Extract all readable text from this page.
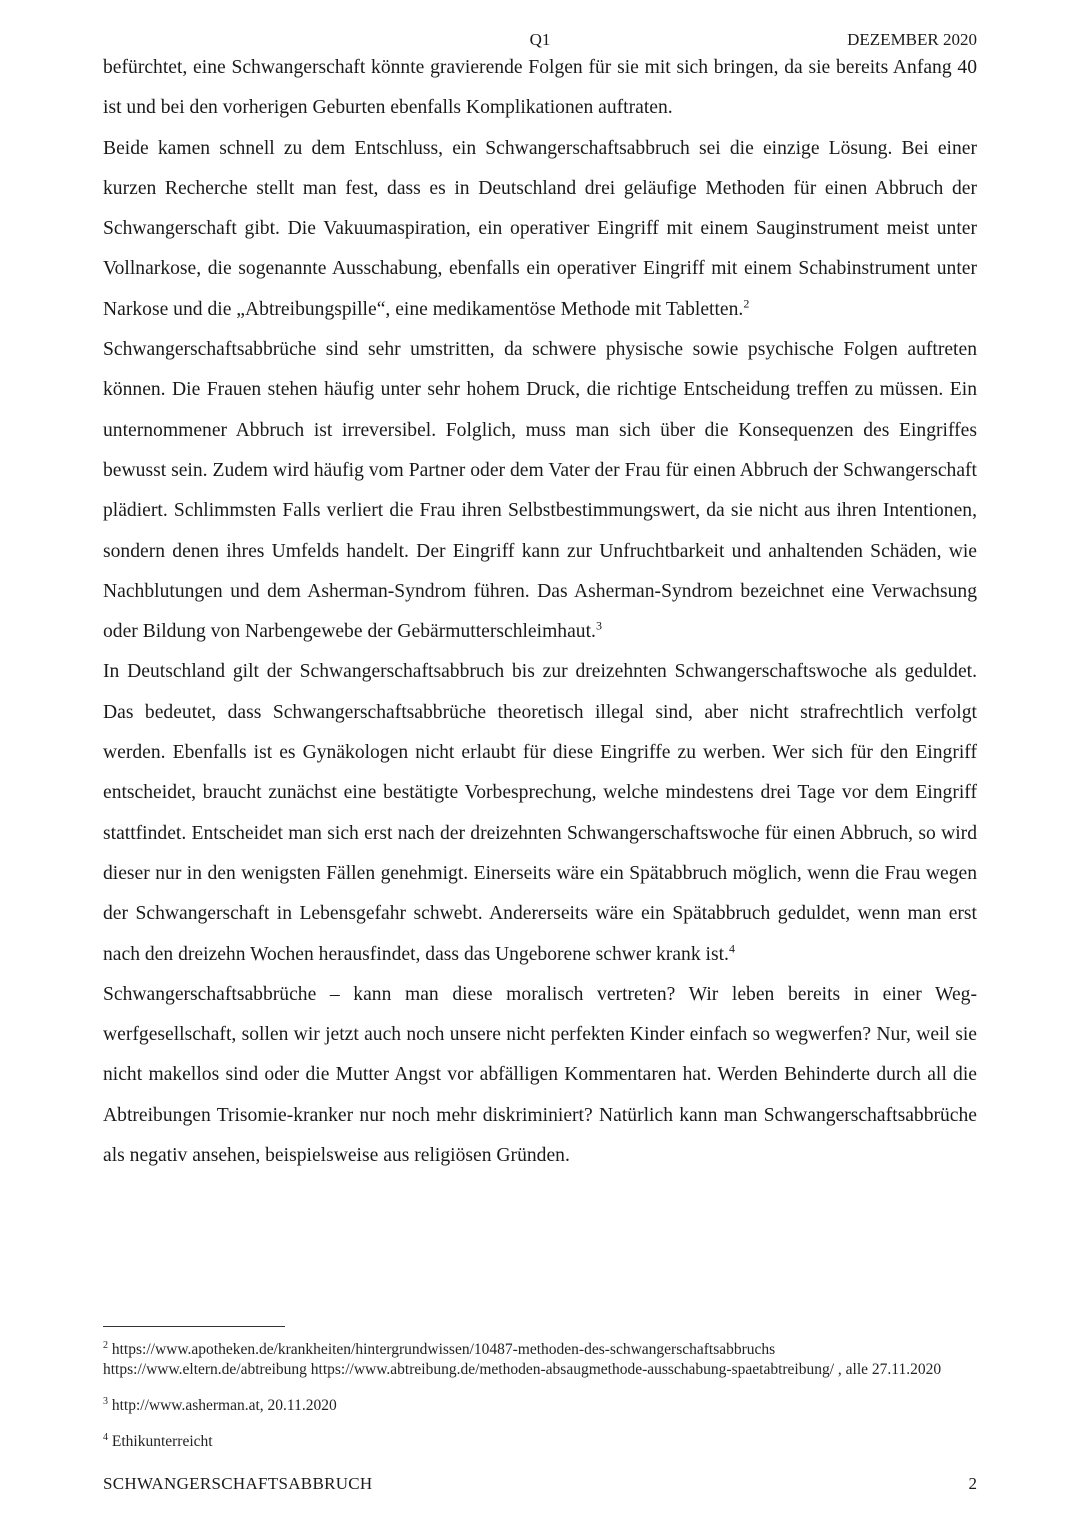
Q1	DEZEMBER 2020

befürchtet, eine Schwangerschaft könnte gravierende Folgen für sie mit sich bringen, da sie bereits Anfang 40 ist und bei den vorherigen Geburten ebenfalls Komplikationen auftraten.

Beide kamen schnell zu dem Entschluss, ein Schwangerschaftsabbruch sei die einzige Lösung. Bei einer kurzen Recherche stellt man fest, dass es in Deutschland drei geläufige Methoden für einen Abbruch der Schwangerschaft gibt. Die Vakuumaspiration, ein operativer Eingriff mit einem Sauginstrument meist unter Vollnarkose, die sogenannte Ausschabung, ebenfalls ein operativer Eingriff mit einem Schabinstrument unter Narkose und die „Abtreibungspille“, eine medikamentöse Methode mit Tabletten.$^2$

Schwangerschaftsabbrüche sind sehr umstritten, da schwere physische sowie psychische Folgen auftreten können. Die Frauen stehen häufig unter sehr hohem Druck, die richtige Entscheidung treffen zu müssen. Ein unternommener Abbruch ist irreversibel. Folglich, muss man sich über die Konsequenzen des Eingriffes bewusst sein. Zudem wird häufig vom Partner oder dem Vater der Frau für einen Abbruch der Schwangerschaft plädiert. Schlimmsten Falls verliert die Frau ihren Selbstbestimmungswert, da sie nicht aus ihren Intentionen, sondern denen ihres Umfelds handelt. Der Eingriff kann zur Unfruchtbarkeit und anhaltenden Schäden, wie Nachblutungen und dem Asherman-Syndrom führen. Das Asherman-Syndrom bezeichnet eine Verwachsung oder Bildung von Narbengewebe der Gebärmutterschleimhaut.$^3$

In Deutschland gilt der Schwangerschaftsabbruch bis zur dreizehnten Schwangerschaftswoche als geduldet. Das bedeutet, dass Schwangerschaftsabbrüche theoretisch illegal sind, aber nicht strafrechtlich verfolgt werden. Ebenfalls ist es Gynäkologen nicht erlaubt für diese Eingriffe zu werben. Wer sich für den Eingriff entscheidet, braucht zunächst eine bestätigte Vorbesprechung, welche mindestens drei Tage vor dem Eingriff stattfindet. Entscheidet man sich erst nach der dreizehnten Schwangerschaftswoche für einen Abbruch, so wird dieser nur in den wenigsten Fällen genehmigt. Einerseits wäre ein Spätabbruch möglich, wenn die Frau wegen der Schwangerschaft in Lebensgefahr schwebt. Andererseits wäre ein Spätabbruch geduldet, wenn man erst nach den dreizehn Wochen herausfindet, dass das Ungeborene schwer krank ist.$^4$

Schwangerschaftsabbrüche – kann man diese moralisch vertreten? Wir leben bereits in einer Wegwerfgesellschaft, sollen wir jetzt auch noch unsere nicht perfekten Kinder einfach so wegwerfen? Nur, weil sie nicht makellos sind oder die Mutter Angst vor abfälligen Kommentaren hat. Werden Behinderte durch all die Abtreibungen Trisomie-kranker nur noch mehr diskriminiert? Natürlich kann man Schwangerschaftsabbrüche als negativ ansehen, beispielsweise aus religiösen Gründen.

$^2$ https://www.apotheken.de/krankheiten/hintergrundwissen/10487-methoden-des-schwangerschaftsabbruchs https://www.eltern.de/abtreibung https://www.abtreibung.de/methoden-absaugmethode-ausschabung-spaetabtreibung/ , alle 27.11.2020
$^3$ http://www.asherman.at, 20.11.2020
$^4$ Ethikunterreicht
SCHWANGERSCHAFTSABBRUCH	2
